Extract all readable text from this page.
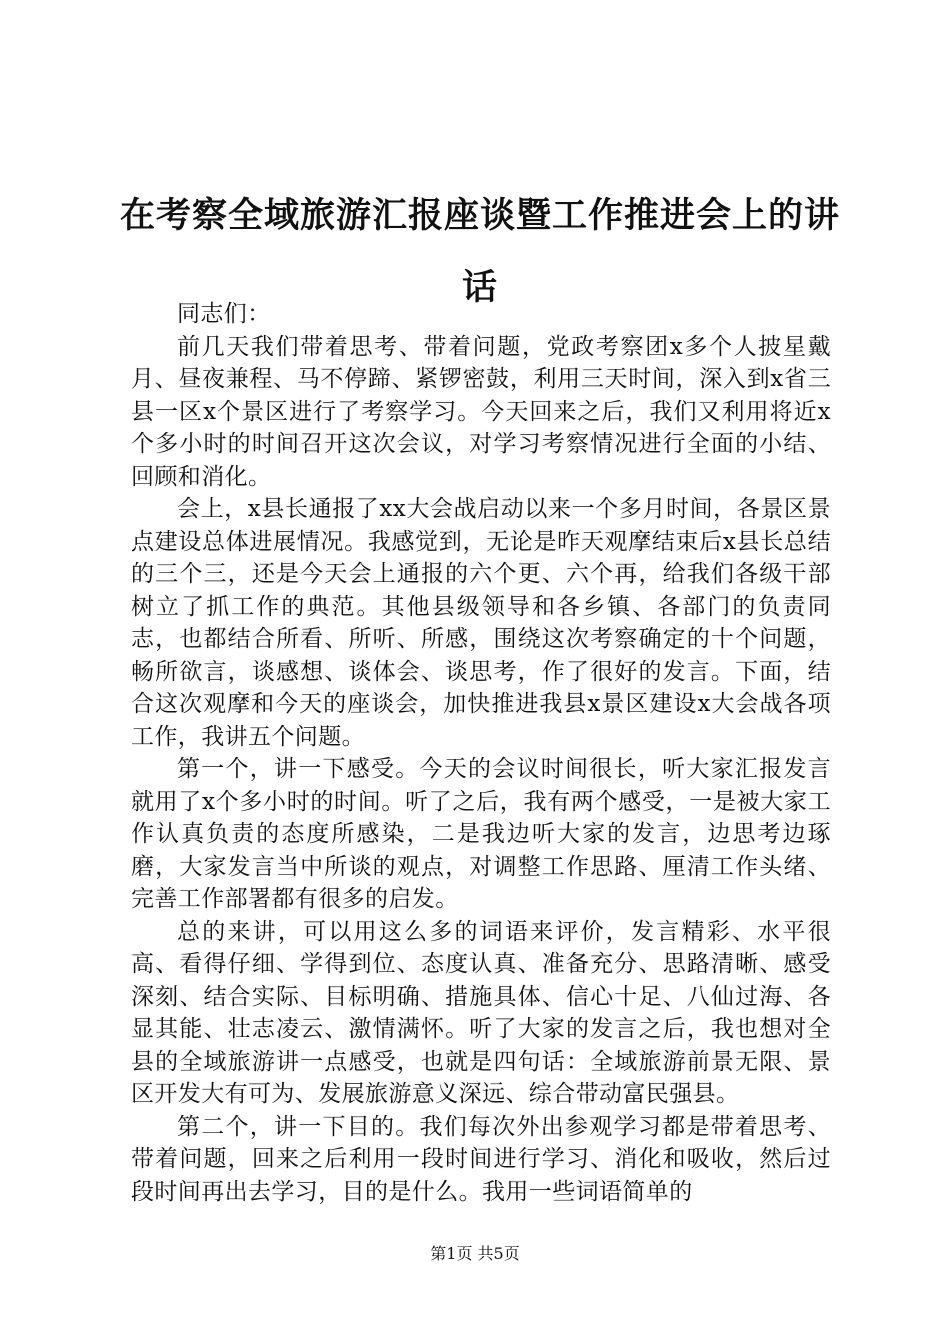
在考察全域旅游汇报座谈暨工作推进会上的讲话

同志们：

前几天我们带着思考、带着问题，党政考察团x多个人披星戴月、昼夜兼程、马不停蹄、紧锣密鼓，利用三天时间，深入到x省三县一区x个景区进行了考察学习。今天回来之后，我们又利用将近x个多小时的时间召开这次会议，对学习考察情况进行全面的小结、回顾和消化。

会上，x县长通报了xx大会战启动以来一个多月时间，各景区景点建设总体进展情况。我感觉到，无论是昨天观摩结束后x县长总结的三个三，还是今天会上通报的六个更、六个再，给我们各级干部树立了抓工作的典范。其他县级领导和各乡镇、各部门的负责同志，也都结合所看、所听、所感，围绕这次考察确定的十个问题，畅所欲言，谈感想、谈体会、谈思考，作了很好的发言。下面，结合这次观摩和今天的座谈会，加快推进我县x景区建设x大会战各项工作，我讲五个问题。

第一个，讲一下感受。今天的会议时间很长，听大家汇报发言就用了x个多小时的时间。听了之后，我有两个感受，一是被大家工作认真负责的态度所感染，二是我边听大家的发言，边思考边琢磨，大家发言当中所谈的观点，对调整工作思路、厘清工作头绪、完善工作部署都有很多的启发。

总的来讲，可以用这么多的词语来评价，发言精彩、水平很高、看得仔细、学得到位、态度认真、准备充分、思路清晰、感受深刻、结合实际、目标明确、措施具体、信心十足、八仙过海、各显其能、壮志凌云、激情满怀。听了大家的发言之后，我也想对全县的全域旅游讲一点感受，也就是四句话：全域旅游前景无限、景区开发大有可为、发展旅游意义深远、综合带动富民强县。

第二个，讲一下目的。我们每次外出参观学习都是带着思考、带着问题，回来之后利用一段时间进行学习、消化和吸收，然后过段时间再出去学习，目的是什么。我用一些词语简单的

第1页 共5页
